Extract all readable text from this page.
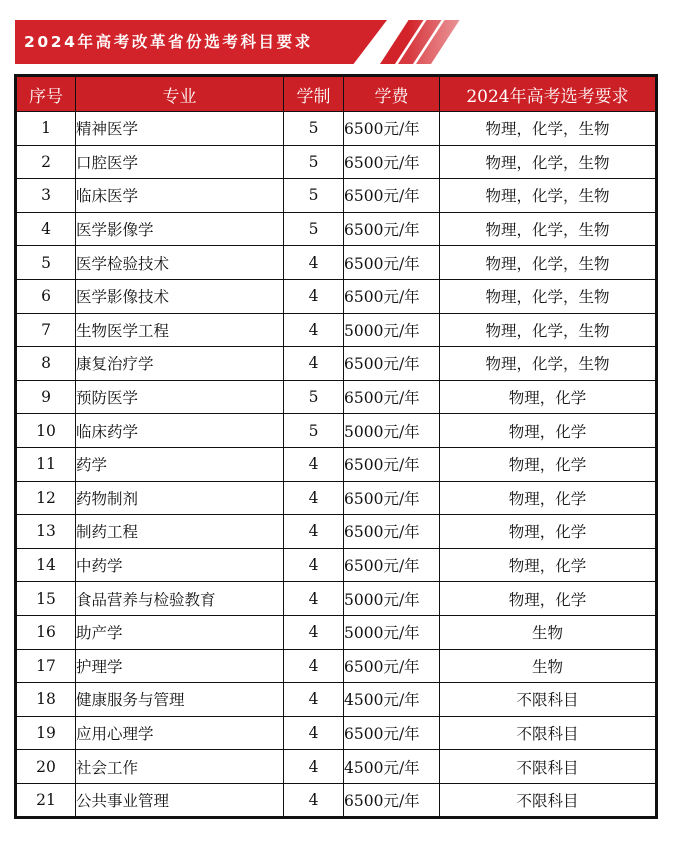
2024年高考改革省份选考科目要求
序号	专业	学制	学费	2024年高考选考要求
1	精神医学	5	6500元/年	物理，化学，生物
2	口腔医学	5	6500元/年	物理，化学，生物
3	临床医学	5	6500元/年	物理，化学，生物
4	医学影像学	5	6500元/年	物理，化学，生物
5	医学检验技术	4	6500元/年	物理，化学，生物
6	医学影像技术	4	6500元/年	物理，化学，生物
7	生物医学工程	4	5000元/年	物理，化学，生物
8	康复治疗学	4	6500元/年	物理，化学，生物
9	预防医学	5	6500元/年	物理，化学
10	临床药学	5	5000元/年	物理，化学
11	药学	4	6500元/年	物理，化学
12	药物制剂	4	6500元/年	物理，化学
13	制药工程	4	6500元/年	物理，化学
14	中药学	4	6500元/年	物理，化学
15	食品营养与检验教育	4	5000元/年	物理，化学
16	助产学	4	5000元/年	生物
17	护理学	4	6500元/年	生物
18	健康服务与管理	4	4500元/年	不限科目
19	应用心理学	4	6500元/年	不限科目
20	社会工作	4	4500元/年	不限科目
21	公共事业管理	4	6500元/年	不限科目
